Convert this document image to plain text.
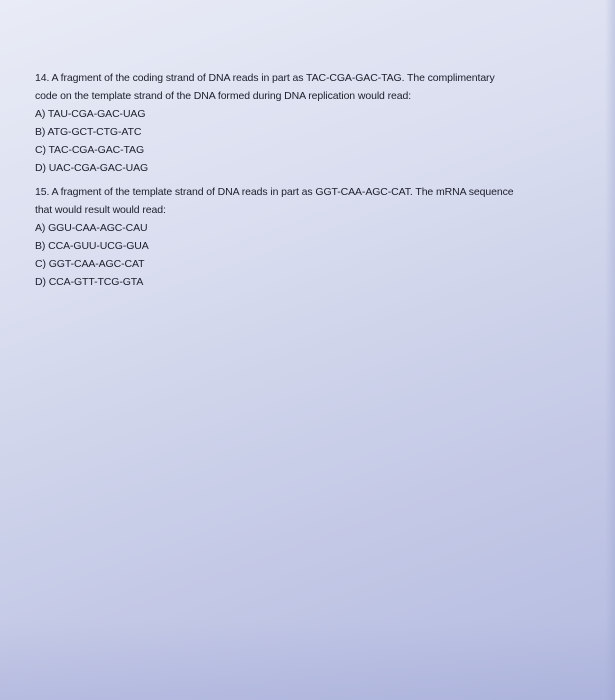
14. A fragment of the coding strand of DNA reads in part as TAC-CGA-GAC-TAG. The complimentary
code on the template strand of the DNA formed during DNA replication would read:
A) TAU-CGA-GAC-UAG
B) ATG-GCT-CTG-ATC
C) TAC-CGA-GAC-TAG
D) UAC-CGA-GAC-UAG
15. A fragment of the template strand of DNA reads in part as GGT-CAA-AGC-CAT. The mRNA sequence
that would result would read:
A) GGU-CAA-AGC-CAU
B) CCA-GUU-UCG-GUA
C) GGT-CAA-AGC-CAT
D) CCA-GTT-TCG-GTA
